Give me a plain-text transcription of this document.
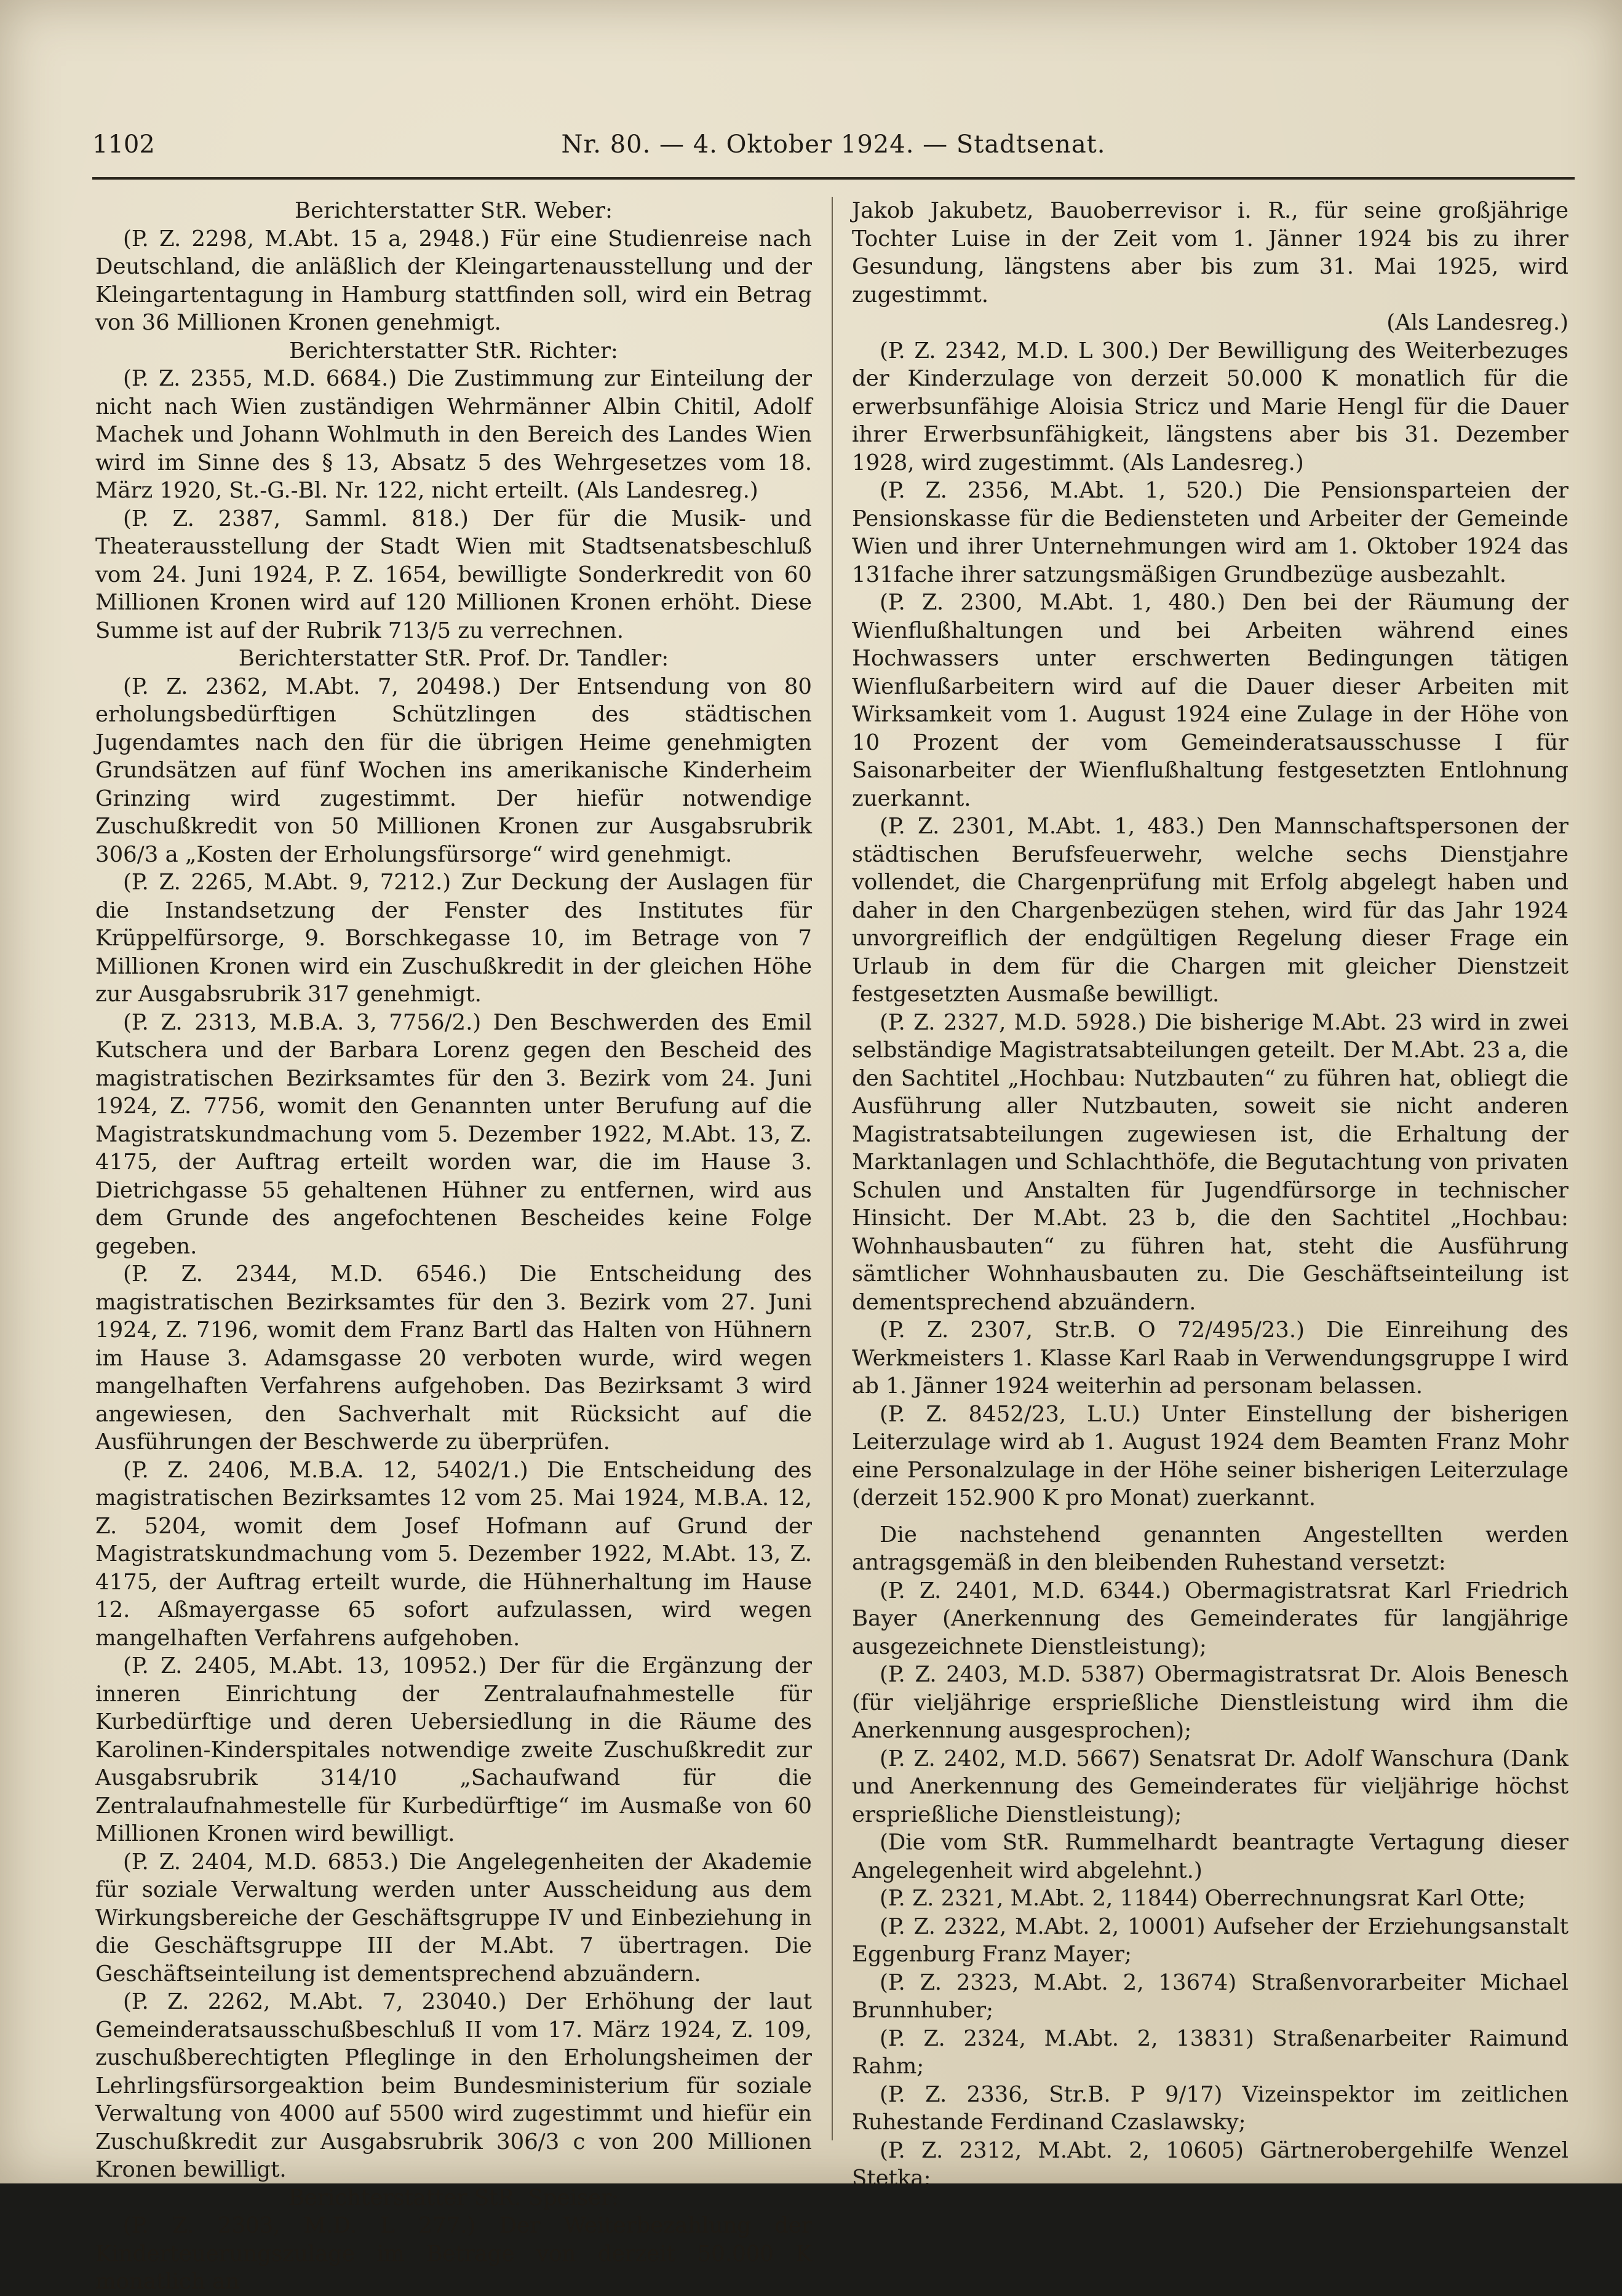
1102	Nr. 80. — 4. Oktober 1924. — Stadtsenat.

Berichterstatter StR. Weber:

(P. Z. 2298, M.Abt. 15 a, 2948.) Für eine Studienreise nach Deutschland, die anläßlich der Kleingartenausstellung und der Kleingartentagung in Hamburg stattfinden soll, wird ein Betrag von 36 Millionen Kronen genehmigt.

Berichterstatter StR. Richter:

(P. Z. 2355, M.D. 6684.) Die Zustimmung zur Einteilung der nicht nach Wien zuständigen Wehrmänner Albin Chitil, Adolf Machek und Johann Wohlmuth in den Bereich des Landes Wien wird im Sinne des § 13, Absatz 5 des Wehrgesetzes vom 18. März 1920, St.-G.-Bl. Nr. 122, nicht erteilt. (Als Landesreg.)

(P. Z. 2387, Samml. 818.) Der für die Musik- und Theaterausstellung der Stadt Wien mit Stadtsenatsbeschluß vom 24. Juni 1924, P. Z. 1654, bewilligte Sonderkredit von 60 Millionen Kronen wird auf 120 Millionen Kronen erhöht. Diese Summe ist auf der Rubrik 713/5 zu verrechnen.

Berichterstatter StR. Prof. Dr. Tandler:

(P. Z. 2362, M.Abt. 7, 20498.) Der Entsendung von 80 erholungsbedürftigen Schützlingen des städtischen Jugendamtes nach den für die übrigen Heime genehmigten Grundsätzen auf fünf Wochen ins amerikanische Kinderheim Grinzing wird zugestimmt. Der hiefür notwendige Zuschußkredit von 50 Millionen Kronen zur Ausgabsrubrik 306/3 a „Kosten der Erholungsfürsorge“ wird genehmigt.

(P. Z. 2265, M.Abt. 9, 7212.) Zur Deckung der Auslagen für die Instandsetzung der Fenster des Institutes für Krüppelfürsorge, 9. Borschkegasse 10, im Betrage von 7 Millionen Kronen wird ein Zuschußkredit in der gleichen Höhe zur Ausgabsrubrik 317 genehmigt.

(P. Z. 2313, M.B.A. 3, 7756/2.) Den Beschwerden des Emil Kutschera und der Barbara Lorenz gegen den Bescheid des magistratischen Bezirksamtes für den 3. Bezirk vom 24. Juni 1924, Z. 7756, womit den Genannten unter Berufung auf die Magistratskundmachung vom 5. Dezember 1922, M.Abt. 13, Z. 4175, der Auftrag erteilt worden war, die im Hause 3. Dietrichgasse 55 gehaltenen Hühner zu entfernen, wird aus dem Grunde des angefochtenen Bescheides keine Folge gegeben.

(P. Z. 2344, M.D. 6546.) Die Entscheidung des magistratischen Bezirksamtes für den 3. Bezirk vom 27. Juni 1924, Z. 7196, womit dem Franz Bartl das Halten von Hühnern im Hause 3. Adamsgasse 20 verboten wurde, wird wegen mangelhaften Verfahrens aufgehoben. Das Bezirksamt 3 wird angewiesen, den Sachverhalt mit Rücksicht auf die Ausführungen der Beschwerde zu überprüfen.

(P. Z. 2406, M.B.A. 12, 5402/1.) Die Entscheidung des magistratischen Bezirksamtes 12 vom 25. Mai 1924, M.B.A. 12, Z. 5204, womit dem Josef Hofmann auf Grund der Magistratskundmachung vom 5. Dezember 1922, M.Abt. 13, Z. 4175, der Auftrag erteilt wurde, die Hühnerhaltung im Hause 12. Aßmayergasse 65 sofort aufzulassen, wird wegen mangelhaften Verfahrens aufgehoben.

(P. Z. 2405, M.Abt. 13, 10952.) Der für die Ergänzung der inneren Einrichtung der Zentralaufnahmestelle für Kurbedürftige und deren Uebersiedlung in die Räume des Karolinen-Kinderspitales notwendige zweite Zuschußkredit zur Ausgabsrubrik 314/10 „Sachaufwand für die Zentralaufnahmestelle für Kurbedürftige“ im Ausmaße von 60 Millionen Kronen wird bewilligt.

(P. Z. 2404, M.D. 6853.) Die Angelegenheiten der Akademie für soziale Verwaltung werden unter Ausscheidung aus dem Wirkungsbereiche der Geschäftsgruppe IV und Einbeziehung in die Geschäftsgruppe III der M.Abt. 7 übertragen. Die Geschäftseinteilung ist dementsprechend abzuändern.

(P. Z. 2262, M.Abt. 7, 23040.) Der Erhöhung der laut Gemeinderatsausschußbeschluß II vom 17. März 1924, Z. 109, zuschußberechtigten Pfleglinge in den Erholungsheimen der Lehrlingsfürsorgeaktion beim Bundesministerium für soziale Verwaltung von 4000 auf 5500 wird zugestimmt und hiefür ein Zuschußkredit zur Ausgabsrubrik 306/3 c von 200 Millionen Kronen bewilligt.

Berichterstatter StR. Speiser:

(P. Z. 2303, M.D. L 277.) Der Weiterbezahlung der Kinderteuerungszulage im Betrage von derzeit 50.000 K monatlich an

Jakob Jakubetz, Bauoberrevisor i. R., für seine großjährige Tochter Luise in der Zeit vom 1. Jänner 1924 bis zu ihrer Gesundung, längstens aber bis zum 31. Mai 1925, wird zugestimmt.

(Als Landesreg.)

(P. Z. 2342, M.D. L 300.) Der Bewilligung des Weiterbezuges der Kinderzulage von derzeit 50.000 K monatlich für die erwerbsunfähige Aloisia Stricz und Marie Hengl für die Dauer ihrer Erwerbsunfähigkeit, längstens aber bis 31. Dezember 1928, wird zugestimmt. (Als Landesreg.)

(P. Z. 2356, M.Abt. 1, 520.) Die Pensionsparteien der Pensionskasse für die Bediensteten und Arbeiter der Gemeinde Wien und ihrer Unternehmungen wird am 1. Oktober 1924 das 131fache ihrer satzungsmäßigen Grundbezüge ausbezahlt.

(P. Z. 2300, M.Abt. 1, 480.) Den bei der Räumung der Wienflußhaltungen und bei Arbeiten während eines Hochwassers unter erschwerten Bedingungen tätigen Wienflußarbeitern wird auf die Dauer dieser Arbeiten mit Wirksamkeit vom 1. August 1924 eine Zulage in der Höhe von 10 Prozent der vom Gemeinderatsausschusse I für Saisonarbeiter der Wienflußhaltung festgesetzten Entlohnung zuerkannt.

(P. Z. 2301, M.Abt. 1, 483.) Den Mannschaftspersonen der städtischen Berufsfeuerwehr, welche sechs Dienstjahre vollendet, die Chargenprüfung mit Erfolg abgelegt haben und daher in den Chargenbezügen stehen, wird für das Jahr 1924 unvorgreiflich der endgültigen Regelung dieser Frage ein Urlaub in dem für die Chargen mit gleicher Dienstzeit festgesetzten Ausmaße bewilligt.

(P. Z. 2327, M.D. 5928.) Die bisherige M.Abt. 23 wird in zwei selbständige Magistratsabteilungen geteilt. Der M.Abt. 23 a, die den Sachtitel „Hochbau: Nutzbauten“ zu führen hat, obliegt die Ausführung aller Nutzbauten, soweit sie nicht anderen Magistratsabteilungen zugewiesen ist, die Erhaltung der Marktanlagen und Schlachthöfe, die Begutachtung von privaten Schulen und Anstalten für Jugendfürsorge in technischer Hinsicht. Der M.Abt. 23 b, die den Sachtitel „Hochbau: Wohnhausbauten“ zu führen hat, steht die Ausführung sämtlicher Wohnhausbauten zu. Die Geschäftseinteilung ist dementsprechend abzuändern.

(P. Z. 2307, Str.B. O 72/495/23.) Die Einreihung des Werkmeisters 1. Klasse Karl Raab in Verwendungsgruppe I wird ab 1. Jänner 1924 weiterhin ad personam belassen.

(P. Z. 8452/23, L.U.) Unter Einstellung der bisherigen Leiterzulage wird ab 1. August 1924 dem Beamten Franz Mohr eine Personalzulage in der Höhe seiner bisherigen Leiterzulage (derzeit 152.900 K pro Monat) zuerkannt.

Die nachstehend genannten Angestellten werden antragsgemäß in den bleibenden Ruhestand versetzt:

(P. Z. 2401, M.D. 6344.) Obermagistratsrat Karl Friedrich Bayer (Anerkennung des Gemeinderates für langjährige ausgezeichnete Dienstleistung);

(P. Z. 2403, M.D. 5387) Obermagistratsrat Dr. Alois Benesch (für vieljährige ersprießliche Dienstleistung wird ihm die Anerkennung ausgesprochen);

(P. Z. 2402, M.D. 5667) Senatsrat Dr. Adolf Wanschura (Dank und Anerkennung des Gemeinderates für vieljährige höchst ersprießliche Dienstleistung);

(Die vom StR. Rummelhardt beantragte Vertagung dieser Angelegenheit wird abgelehnt.)

(P. Z. 2321, M.Abt. 2, 11844) Oberrechnungsrat Karl Otte;

(P. Z. 2322, M.Abt. 2, 10001) Aufseher der Erziehungsanstalt Eggenburg Franz Mayer;

(P. Z. 2323, M.Abt. 2, 13674) Straßenvorarbeiter Michael Brunnhuber;

(P. Z. 2324, M.Abt. 2, 13831) Straßenarbeiter Raimund Rahm;

(P. Z. 2336, Str.B. P 9/17) Vizeinspektor im zeitlichen Ruhestande Ferdinand Czaslawsky;

(P. Z. 2312, M.Abt. 2, 10605) Gärtnerobergehilfe Wenzel Stetka;
